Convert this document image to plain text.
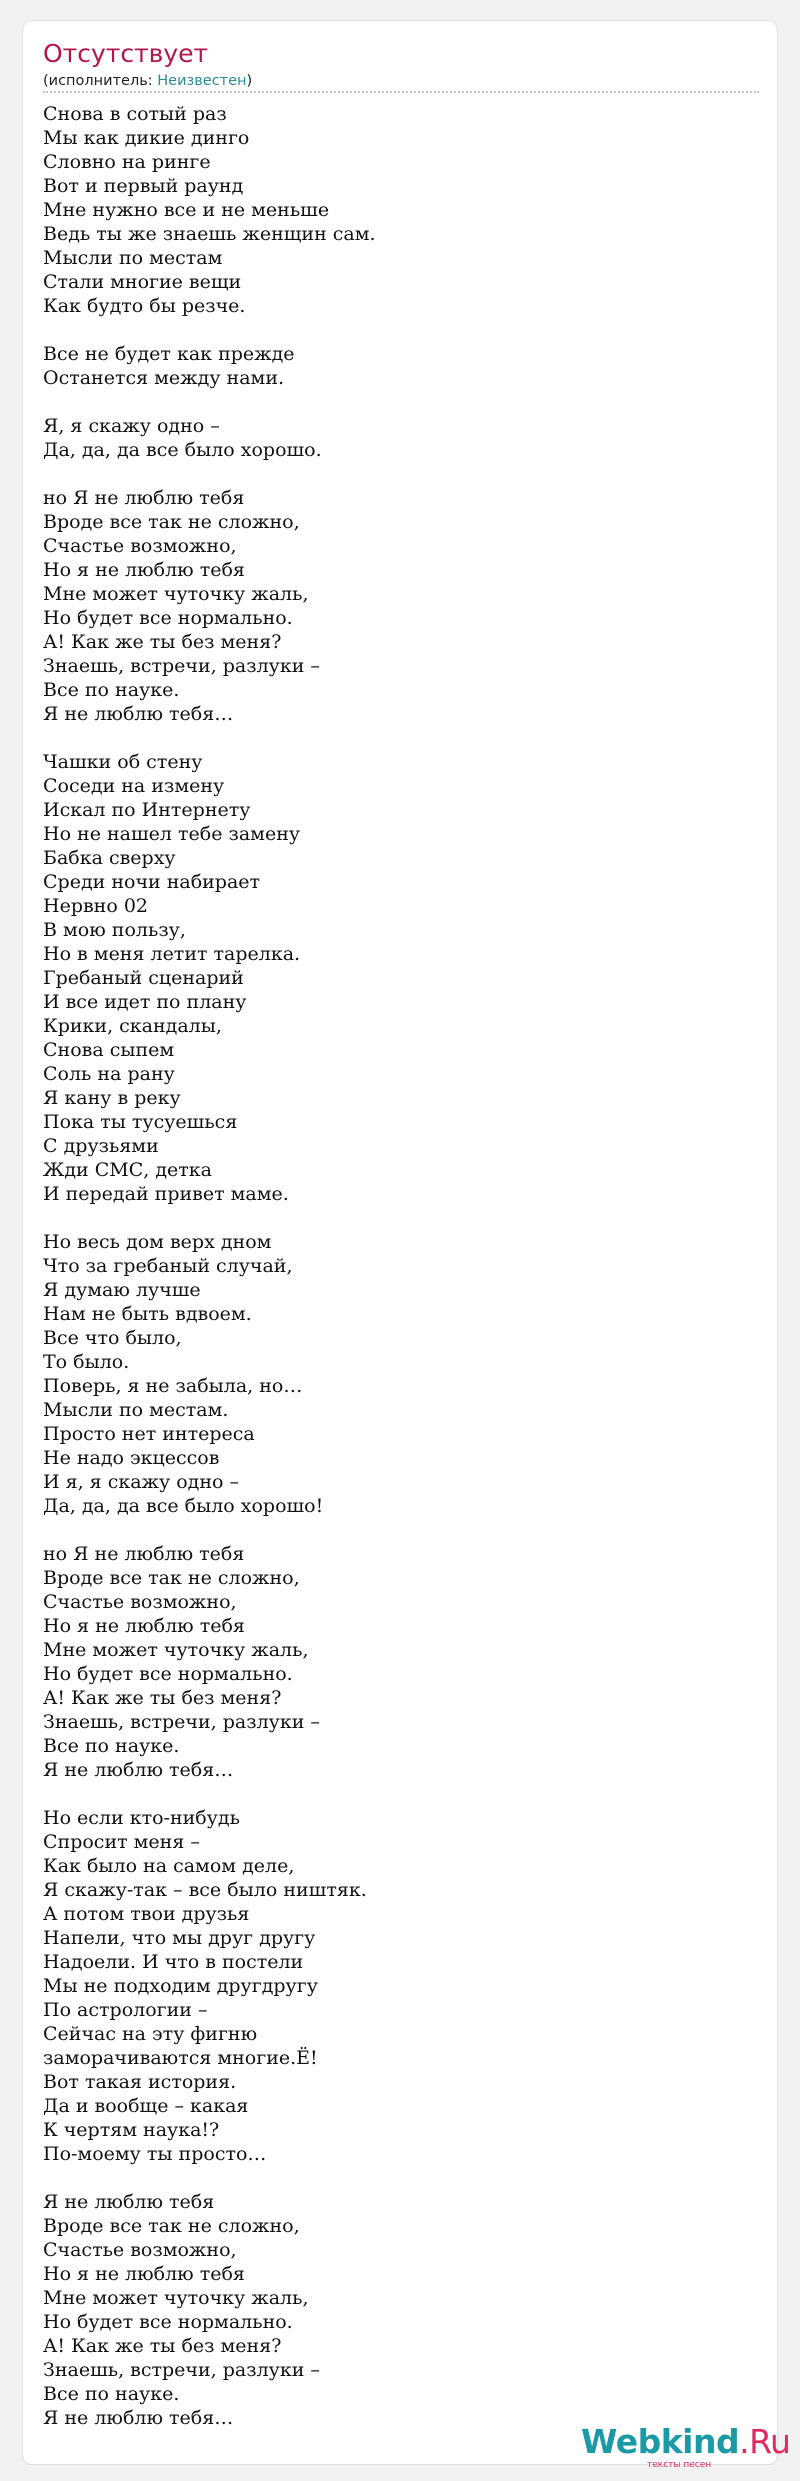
Отсутствует
(исполнитель: Неизвестен)
Снова в сотый раз
Мы как дикие динго
Словно на ринге
Вот и первый раунд
Мне нужно все и не меньше
Ведь ты же знаешь женщин сам.
Мысли по местам
Стали многие вещи
Как будто бы резче.
Все не будет как прежде
Останется между нами.
Я, я скажу одно –
Да, да, да все было хорошо.
но Я не люблю тебя
Вроде все так не сложно,
Счастье возможно,
Но я не люблю тебя
Мне может чуточку жаль,
Но будет все нормально.
А! Как же ты без меня?
Знаешь, встречи, разлуки –
Все по науке.
Я не люблю тебя…
Чашки об стену
Соседи на измену
Искал по Интернету
Но не нашел тебе замену
Бабка сверху
Среди ночи набирает
Нервно 02
В мою пользу,
Но в меня летит тарелка.
Гребаный сценарий
И все идет по плану
Крики, скандалы,
Снова сыпем
Соль на рану
Я кану в реку
Пока ты тусуешься
С друзьями
Жди СМС, детка
И передай привет маме.
Но весь дом верх дном
Что за гребаный случай,
Я думаю лучше
Нам не быть вдвоем.
Все что было,
То было.
Поверь, я не забыла, но…
Мысли по местам.
Просто нет интереса
Не надо экцессов
И я, я скажу одно –
Да, да, да все было хорошо!
но Я не люблю тебя
Вроде все так не сложно,
Счастье возможно,
Но я не люблю тебя
Мне может чуточку жаль,
Но будет все нормально.
А! Как же ты без меня?
Знаешь, встречи, разлуки –
Все по науке.
Я не люблю тебя…
Но если кто-нибудь
Спросит меня –
Как было на самом деле,
Я скажу-так – все было ништяк.
А потом твои друзья
Напели, что мы друг другу
Надоели. И что в постели
Мы не подходим другдругу
По астрологии –
Сейчас на эту фигню
заморачиваются многие.Ё!
Вот такая история.
Да и вообще – какая
К чертям наука!?
По-моему ты просто…
Я не люблю тебя
Вроде все так не сложно,
Счастье возможно,
Но я не люблю тебя
Мне может чуточку жаль,
Но будет все нормально.
А! Как же ты без меня?
Знаешь, встречи, разлуки –
Все по науке.
Я не люблю тебя…
Webkind.Ru
тексты песен
